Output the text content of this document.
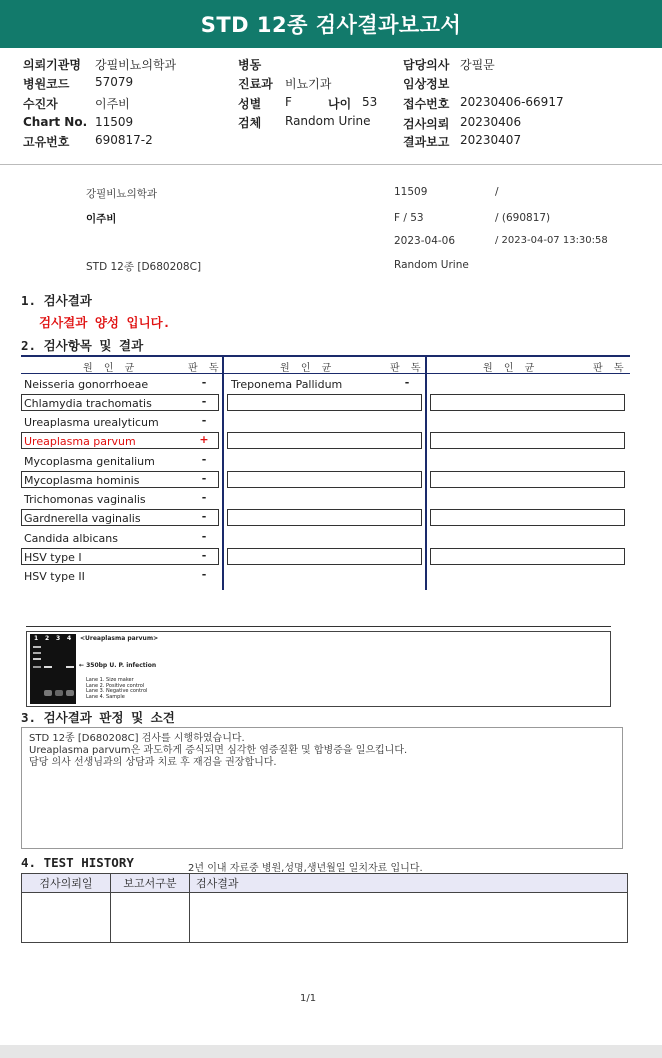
STD 12종 검사결과보고서
의뢰기관명 강필비뇨의학과
병원코드 57079
수진자	이주비
Chart No. 11509
고유번호 690817-2
병동
진료과 비뇨기과
성별 F	나이 53
검체 Random Urine
담당의사 강필문
임상정보
접수번호 20230406-66917
검사의뢰 20230406
결과보고 20230407
강필비뇨의학과	11509	/
이주비	F / 53	/ (690817)
2023-04-06	/ 2023-04-07 13:30:58
STD 12종 [D680208C]	Random Urine
1. 검사결과
검사결과 양성 입니다.
2. 검사항목 및 결과
원 인 균	판 독	원 인 균	판 독	원 인 균	판 독
Neisseria gonorrhoeae	-
Chlamydia trachomatis	-
Ureaplasma urealyticum	-
Ureaplasma parvum	+
Mycoplasma genitalium	-
Mycoplasma hominis	-
Trichomonas vaginalis	-
Gardnerella vaginalis	-
Candida albicans	-
HSV type I	-
HSV type II	-
Treponema Pallidum	-
1 2 3 4 <Ureaplasma parvum>
← 350bp U. P. infection
Lane 1. Size maker
Lane 2. Positive control
Lane 3. Negative control
Lane 4. Sample
3. 검사결과 판정 및 소견
STD 12종 [D680208C] 검사를 시행하였습니다.
Ureaplasma parvum은 과도하게 증식되면 심각한 염증질환 및 합병증을 일으킵니다.
담당 의사 선생님과의 상담과 치료 후 재검을 권장합니다.
4. TEST HISTORY	2년 이내 자료중 병원,성명,생년월일 일치자료 입니다.
검사의뢰일	보고서구분	검사결과

1/1
